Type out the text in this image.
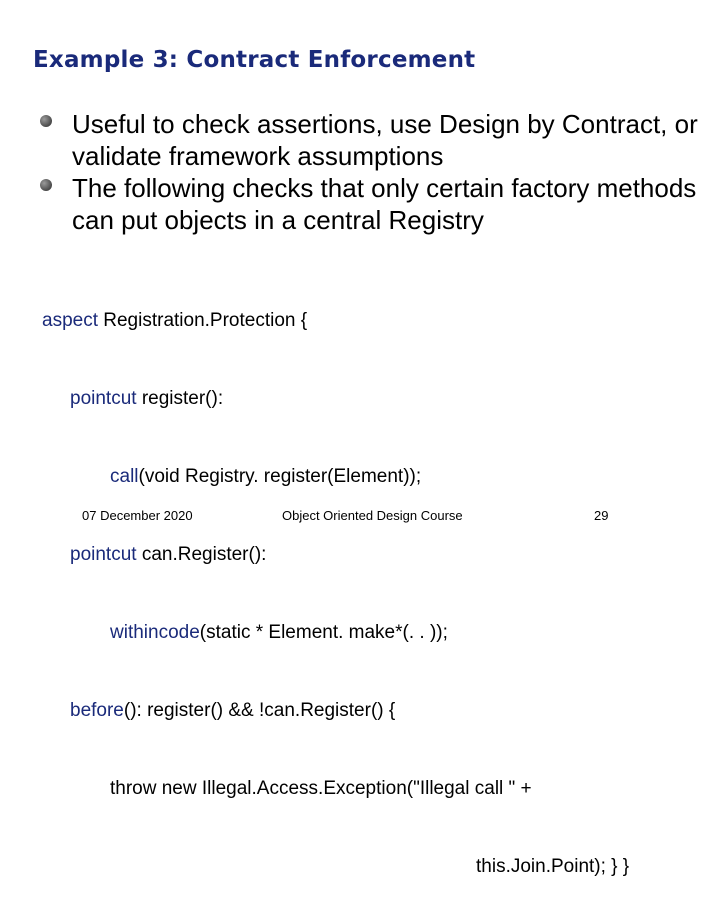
Example 3: Contract Enforcement
Useful to check assertions, use Design by Contract, or validate framework assumptions
The following checks that only certain factory methods can put objects in a central Registry

aspect Registration.Protection {

pointcut register():

call(void Registry. register(Element));

pointcut can.Register():

withincode(static * Element. make*(. . ));

before(): register() && !can.Register() {

throw new Illegal.Access.Exception("Illegal call " +

this.Join.Point); } }

07 December 2020	Object Oriented Design Course	29
